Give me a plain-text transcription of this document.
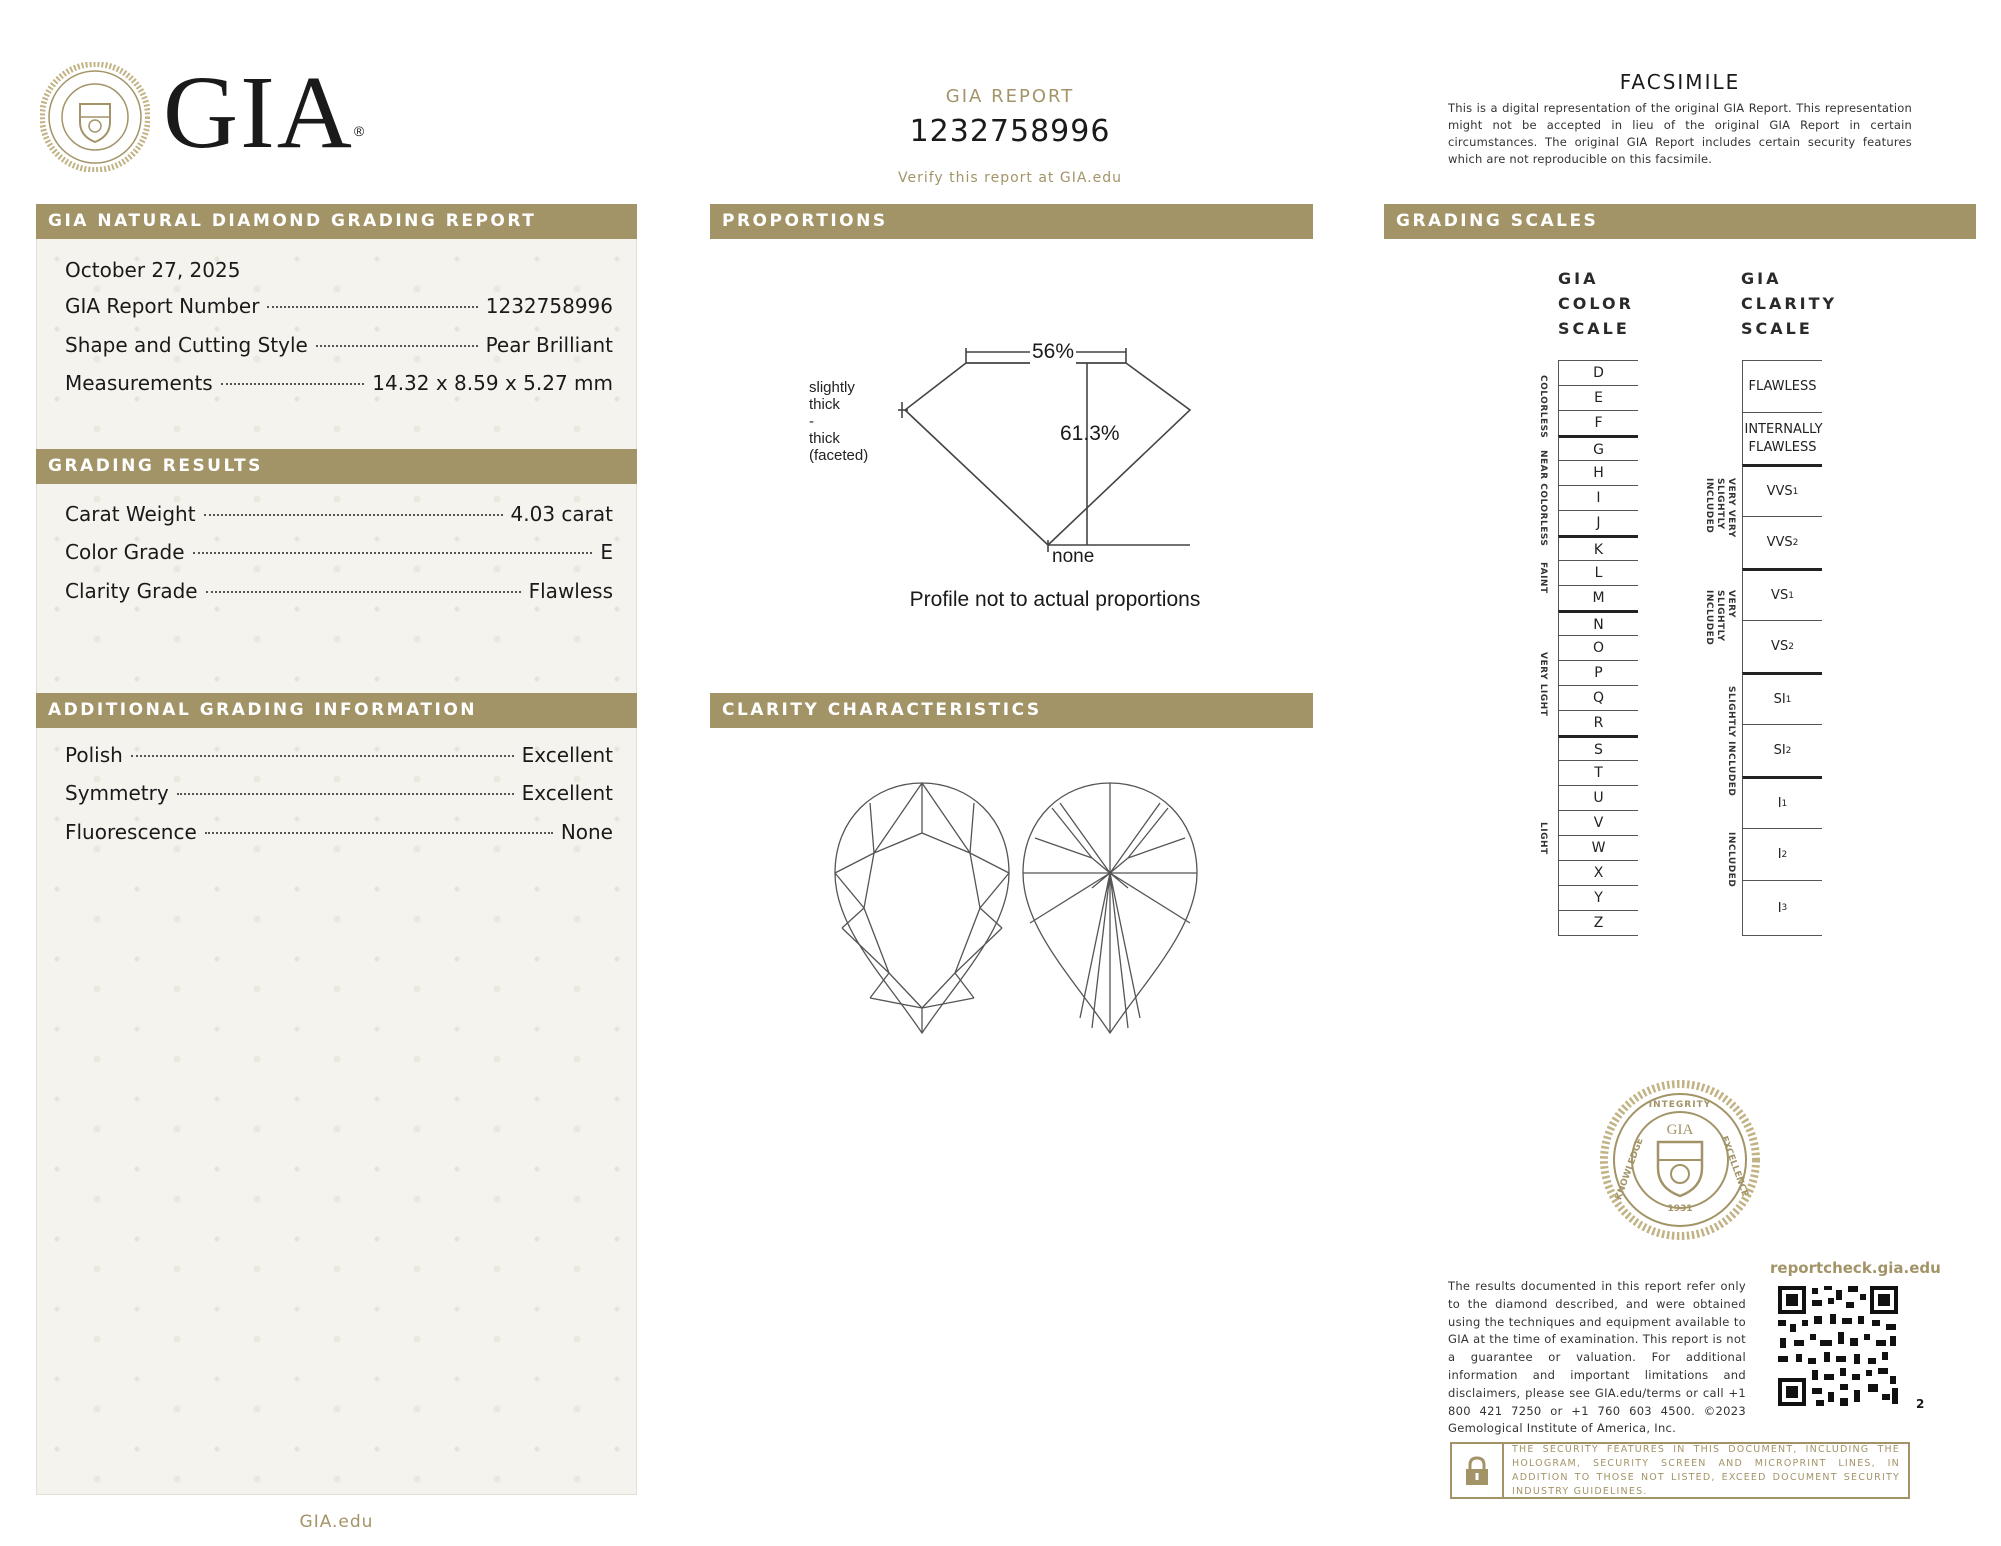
GIA®
GIA REPORT
1232758996
Verify this report at GIA.edu
FACSIMILE
This is a digital representation of the original GIA Report. This representation might not be accepted in lieu of the original GIA Report in certain circumstances. The original GIA Report includes certain security features which are not reproducible on this facsimile.
GIA NATURAL DIAMOND GRADING REPORT
October 27, 2025
GIA Report Number	1232758996
Shape and Cutting Style	Pear Brilliant
Measurements	14.32 x 8.59 x 5.27 mm
GRADING RESULTS
Carat Weight	4.03 carat
Color Grade	E
Clarity Grade	Flawless
ADDITIONAL GRADING INFORMATION
Polish	Excellent
Symmetry	Excellent
Fluorescence	None
GIA.edu
PROPORTIONS
56%
61.3%
slightly
thick
-
thick
(faceted)
none
Profile not to actual proportions
CLARITY CHARACTERISTICS
GRADING SCALES
GIA
COLOR
SCALE
GIA
CLARITY
SCALE
D
E
F
G
H
I
J
K
L
M
N
O
P
Q
R
S
T
U
V
W
X
Y
Z
COLORLESS
NEAR COLORLESS
FAINT
VERY LIGHT
LIGHT
FLAWLESS
INTERNALLY FLAWLESS
VVS 1
VVS 2
VS 1
VS 2
SI 1
SI 2
I 1
I 2
I 3
VERY VERY SLIGHTLY INCLUDED
VERY SLIGHTLY INCLUDED
SLIGHTLY INCLUDED
INCLUDED
INTEGRITY
GIA
KNOWLEDGE	EXCELLENCE
1931
reportcheck.gia.edu
The results documented in this report refer only to the diamond described, and were obtained using the techniques and equipment available to GIA at the time of examination. This report is not a guarantee or valuation. For additional information and important limitations and disclaimers, please see GIA.edu/terms or call +1 800 421 7250 or +1 760 603 4500. ©2023 Gemological Institute of America, Inc.
2
THE SECURITY FEATURES IN THIS DOCUMENT, INCLUDING THE HOLOGRAM, SECURITY SCREEN AND MICROPRINT LINES, IN ADDITION TO THOSE NOT LISTED, EXCEED DOCUMENT SECURITY INDUSTRY GUIDELINES.
